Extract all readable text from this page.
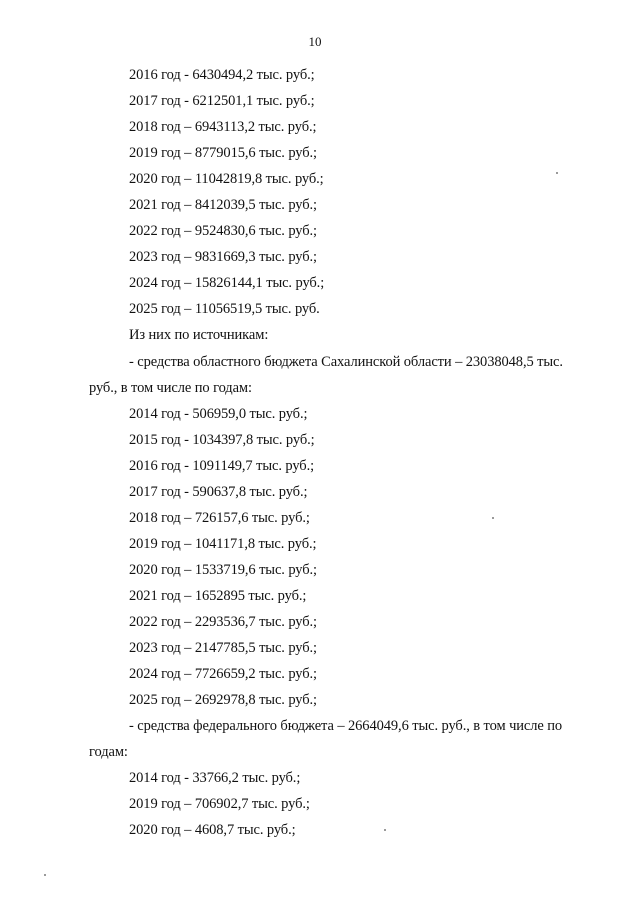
10
2016 год - 6430494,2 тыс. руб.;
2017 год - 6212501,1 тыс. руб.;
2018 год – 6943113,2 тыс. руб.;
2019 год – 8779015,6 тыс. руб.;
2020 год – 11042819,8 тыс. руб.;
2021 год – 8412039,5 тыс. руб.;
2022 год – 9524830,6 тыс. руб.;
2023 год – 9831669,3 тыс. руб.;
2024 год – 15826144,1 тыс. руб.;
2025 год – 11056519,5 тыс. руб.
Из них по источникам:
- средства областного бюджета Сахалинской области – 23038048,5 тыс.
руб., в том числе по годам:
2014 год - 506959,0 тыс. руб.;
2015 год - 1034397,8 тыс. руб.;
2016 год - 1091149,7 тыс. руб.;
2017 год - 590637,8 тыс. руб.;
2018 год – 726157,6 тыс. руб.;
2019 год – 1041171,8 тыс. руб.;
2020 год – 1533719,6 тыс. руб.;
2021 год – 1652895 тыс. руб.;
2022 год – 2293536,7 тыс. руб.;
2023 год – 2147785,5 тыс. руб.;
2024 год – 7726659,2 тыс. руб.;
2025 год – 2692978,8 тыс. руб.;
- средства федерального бюджета – 2664049,6 тыс. руб., в том числе по
годам:
2014 год - 33766,2 тыс. руб.;
2019 год – 706902,7 тыс. руб.;
2020 год – 4608,7 тыс. руб.;
